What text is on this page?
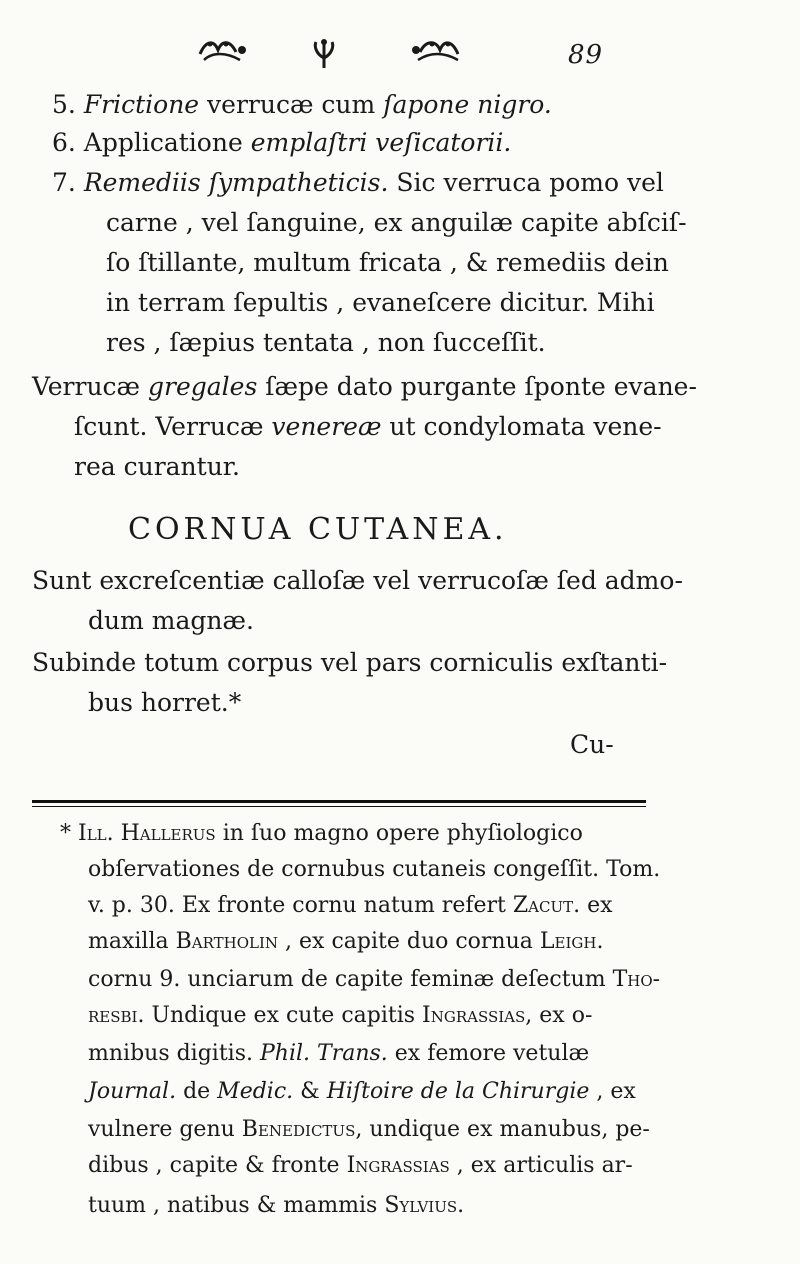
89
5. Frictione verrucæ cum ſapone nigro.
6. Applicatione emplaſtri veſicatorii.
7. Remediis ſympatheticis. Sic verruca pomo vel
carne , vel ſanguine, ex anguilæ capite abſciſ-
ſo ſtillante, multum fricata , & remediis dein
in terram ſepultis , evaneſcere dicitur. Mihi
res , ſæpius tentata , non ſucceſſit.
Verrucæ gregales ſæpe dato purgante ſponte evane-
ſcunt. Verrucæ venereæ ut condylomata vene-
rea curantur.
CORNUA CUTANEA.
Sunt excreſcentiæ calloſæ vel verrucoſæ ſed admo-
dum magnæ.
Subinde totum corpus vel pars corniculis exſtanti-
bus horret.*
Cu-
* Ill. Hallerus in ſuo magno opere phyſiologico
obſervationes de cornubus cutaneis congeſſit. Tom.
v. p. 30. Ex fronte cornu natum refert Zacut. ex
maxilla Bartholin , ex capite duo cornua Leigh.
cornu 9. unciarum de capite feminæ deſectum Tho-
resbi. Undique ex cute capitis Ingrassias, ex o-
mnibus digitis. Phil. Trans. ex femore vetulæ
Journal. de Medic. & Hiſtoire de la Chirurgie , ex
vulnere genu Benedictus, undique ex manubus, pe-
dibus , capite & fronte Ingrassias , ex articulis ar-
tuum , natibus & mammis Sylvius.
